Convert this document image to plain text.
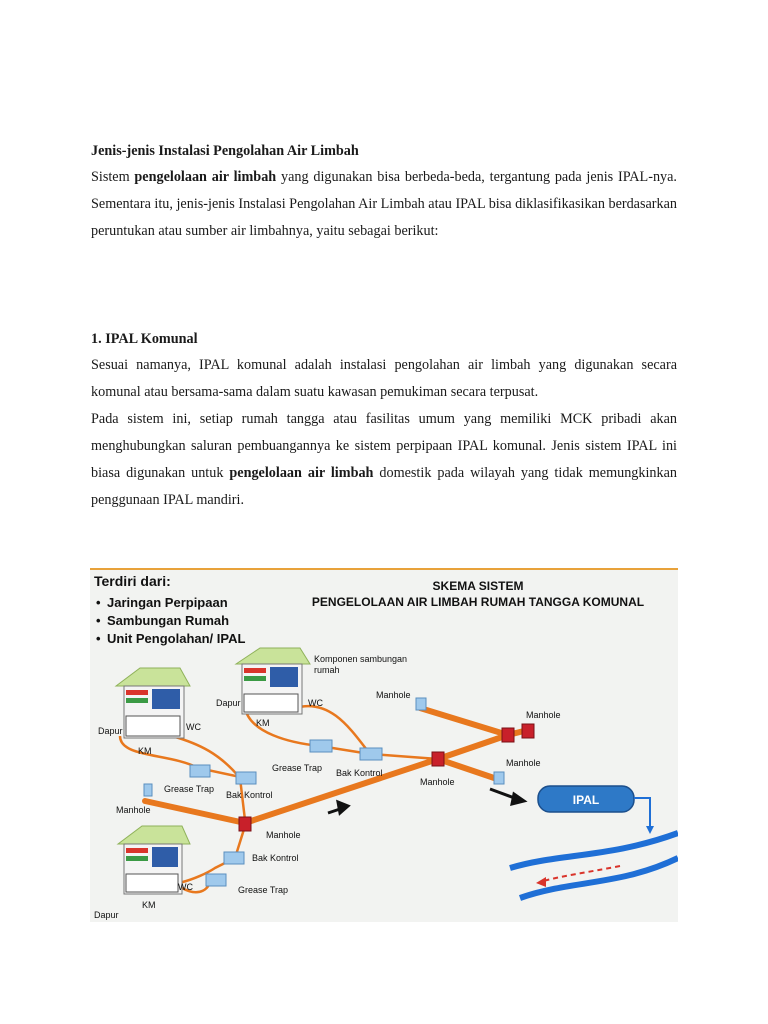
Jenis-jenis Instalasi Pengolahan Air Limbah

Sistem pengelolaan air limbah yang digunakan bisa berbeda-beda, tergantung pada jenis IPAL-nya. Sementara itu, jenis-jenis Instalasi Pengolahan Air Limbah atau IPAL bisa diklasifikasikan berdasarkan peruntukan atau sumber air limbahnya, yaitu sebagai berikut:

1. IPAL Komunal

Sesuai namanya, IPAL komunal adalah instalasi pengolahan air limbah yang digunakan secara komunal atau bersama-sama dalam suatu kawasan pemukiman secara terpusat.

Pada sistem ini, setiap rumah tangga atau fasilitas umum yang memiliki MCK pribadi akan menghubungkan saluran pembuangannya ke sistem perpipaan IPAL komunal. Jenis sistem IPAL ini biasa digunakan untuk pengelolaan air limbah domestik pada wilayah yang tidak memungkinkan penggunaan IPAL mandiri.

Terdiri dari:
• Jaringan Perpipaan
• Sambungan Rumah
• Unit Pengolahan/ IPAL
SKEMA SISTEM
PENGELOLAAN AIR LIMBAH RUMAH TANGGA KOMUNAL
IPAL
Komponen sambungan
rumah
Dapur	WC
KM
Dapur	WC
KM
Manhole
Manhole
Manhole
Manhole
Manhole
Manhole
Grease Trap Bak Kontrol
Grease Trap
Bak Kontrol
Bak Kontrol
Grease Trap
WC
KM
Dapur
